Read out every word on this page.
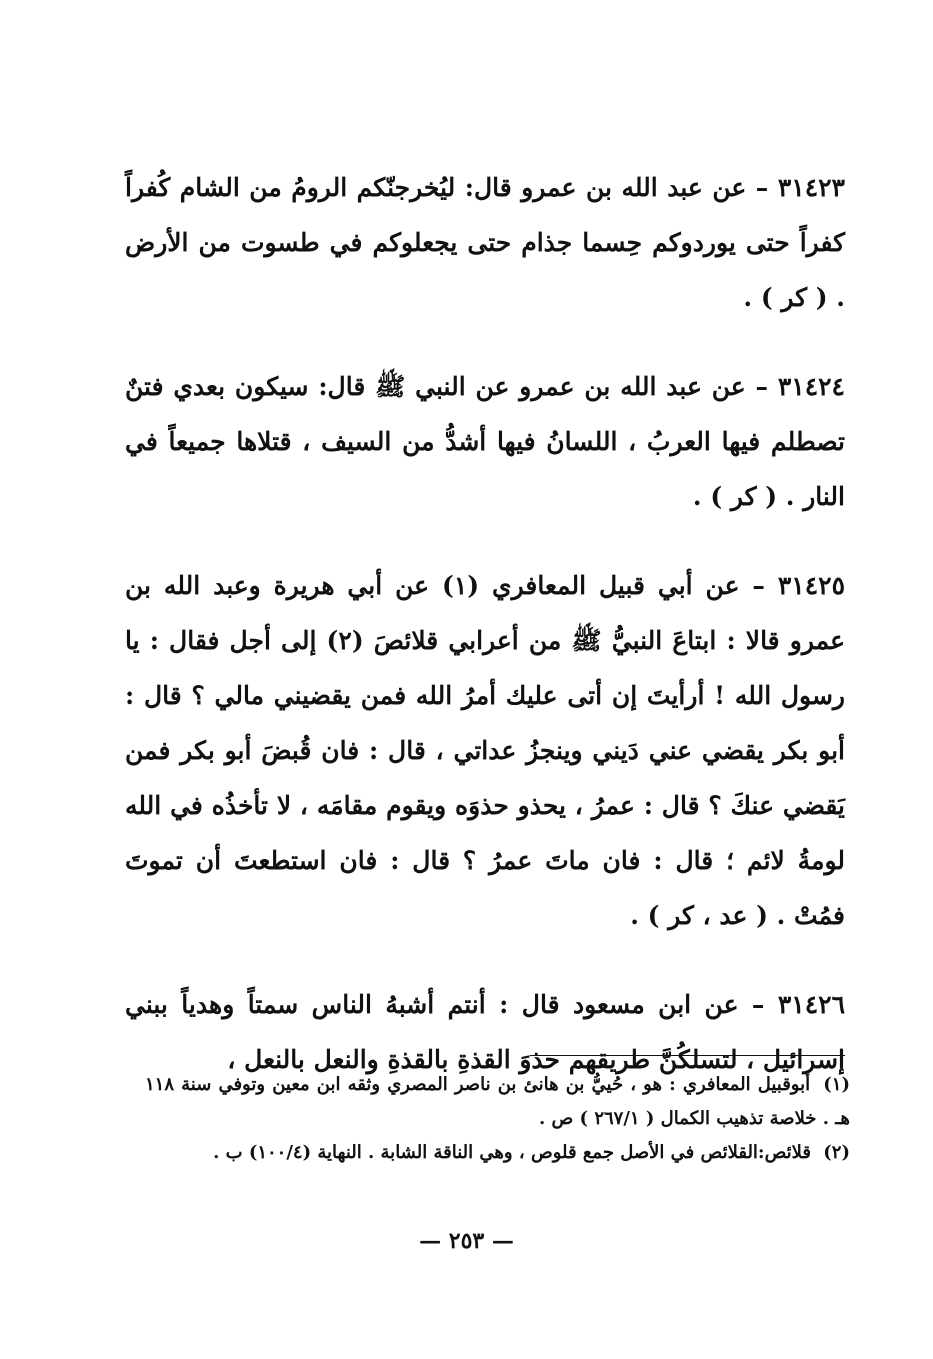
٣١٤٢٣ – عن عبد الله بن عمرو قال: ليُخرجنّكم الرومُ من الشام كُفراً كفراً حتى يوردوكم حِسما جذام حتى يجعلوكم في طسوت من الأرض . ( كر ) .

٣١٤٢٤ – عن عبد الله بن عمرو عن النبي ﷺ قال: سيكون بعدي فتنٌ تصطلم فيها العربُ ، اللسانُ فيها أشدُّ من السيف ، قتلاها جميعاً في النار . ( كر ) .

٣١٤٢٥ – عن أبي قبيل المعافري (١) عن أبي هريرة وعبد الله بن عمرو قالا : ابتاعَ النبيُّ ﷺ من أعرابي قلائصَ (٢) إلى أجل فقال : يا رسول الله ! أرأيتَ إن أتى عليك أمرُ الله فمن يقضيني مالي ؟ قال : أبو بكر يقضي عني دَيني وينجزُ عداتي ، قال : فان قُبضَ أبو بكر فمن يَقضي عنكَ ؟ قال : عمرُ ، يحذو حذوَه ويقوم مقامَه ، لا تأخذُه في الله لومةُ لائم ؛ قال : فان ماتَ عمرُ ؟ قال : فان استطعتَ أن تموتَ فمُتْ . ( عد ، كر ) .

٣١٤٢٦ – عن ابن مسعود قال : أنتم أشبهُ الناس سمتاً وهدياً ببني إسرائيل ، لتسلكُنَّ طريقهم حذوَ القذةِ بالقذةِ والنعل بالنعل ،

(١) أبوقبيل المعافري : هو ، حُييُّ بن هانئ بن ناصر المصري وثقه ابن معين وتوفي سنة ١١٨ هـ . خلاصة تذهيب الكمال ( ٢٦٧/١ ) ص .

(٢) قلائص:القلائص في الأصل جمع قلوص ، وهي الناقة الشابة . النهاية (١٠٠/٤) ب .

— ٢٥٣ —
